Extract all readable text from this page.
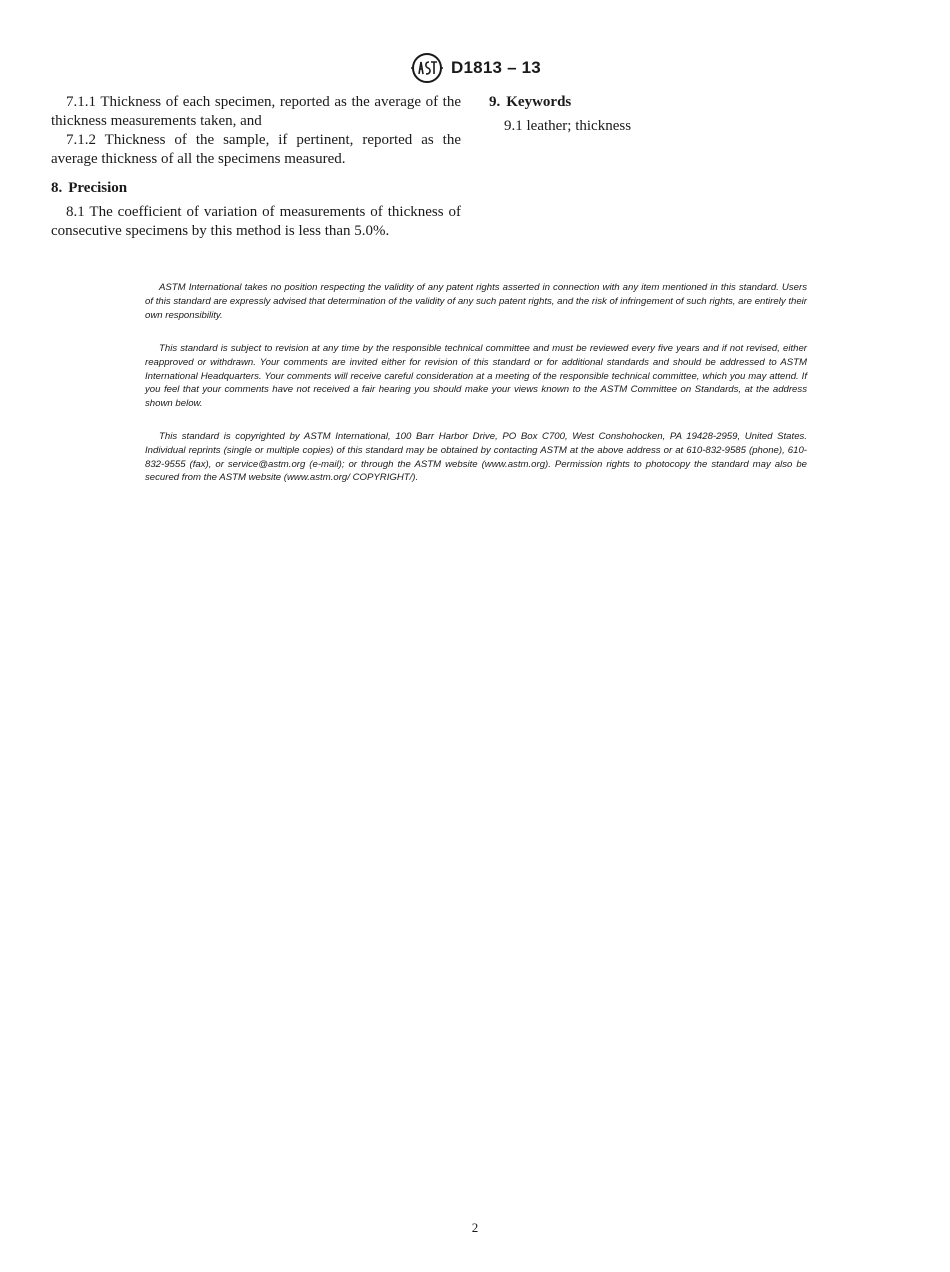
D1813 – 13

7.1.1 Thickness of each specimen, reported as the average of the thickness measurements taken, and

7.1.2 Thickness of the sample, if pertinent, reported as the average thickness of all the specimens measured.

8. Precision

8.1 The coefficient of variation of measurements of thickness of consecutive specimens by this method is less than 5.0%.

9. Keywords

9.1 leather; thickness

ASTM International takes no position respecting the validity of any patent rights asserted in connection with any item mentioned in this standard. Users of this standard are expressly advised that determination of the validity of any such patent rights, and the risk of infringement of such rights, are entirely their own responsibility.

This standard is subject to revision at any time by the responsible technical committee and must be reviewed every five years and if not revised, either reapproved or withdrawn. Your comments are invited either for revision of this standard or for additional standards and should be addressed to ASTM International Headquarters. Your comments will receive careful consideration at a meeting of the responsible technical committee, which you may attend. If you feel that your comments have not received a fair hearing you should make your views known to the ASTM Committee on Standards, at the address shown below.

This standard is copyrighted by ASTM International, 100 Barr Harbor Drive, PO Box C700, West Conshohocken, PA 19428-2959, United States. Individual reprints (single or multiple copies) of this standard may be obtained by contacting ASTM at the above address or at 610-832-9585 (phone), 610-832-9555 (fax), or service@astm.org (e-mail); or through the ASTM website (www.astm.org). Permission rights to photocopy the standard may also be secured from the ASTM website (www.astm.org/ COPYRIGHT/).

2
